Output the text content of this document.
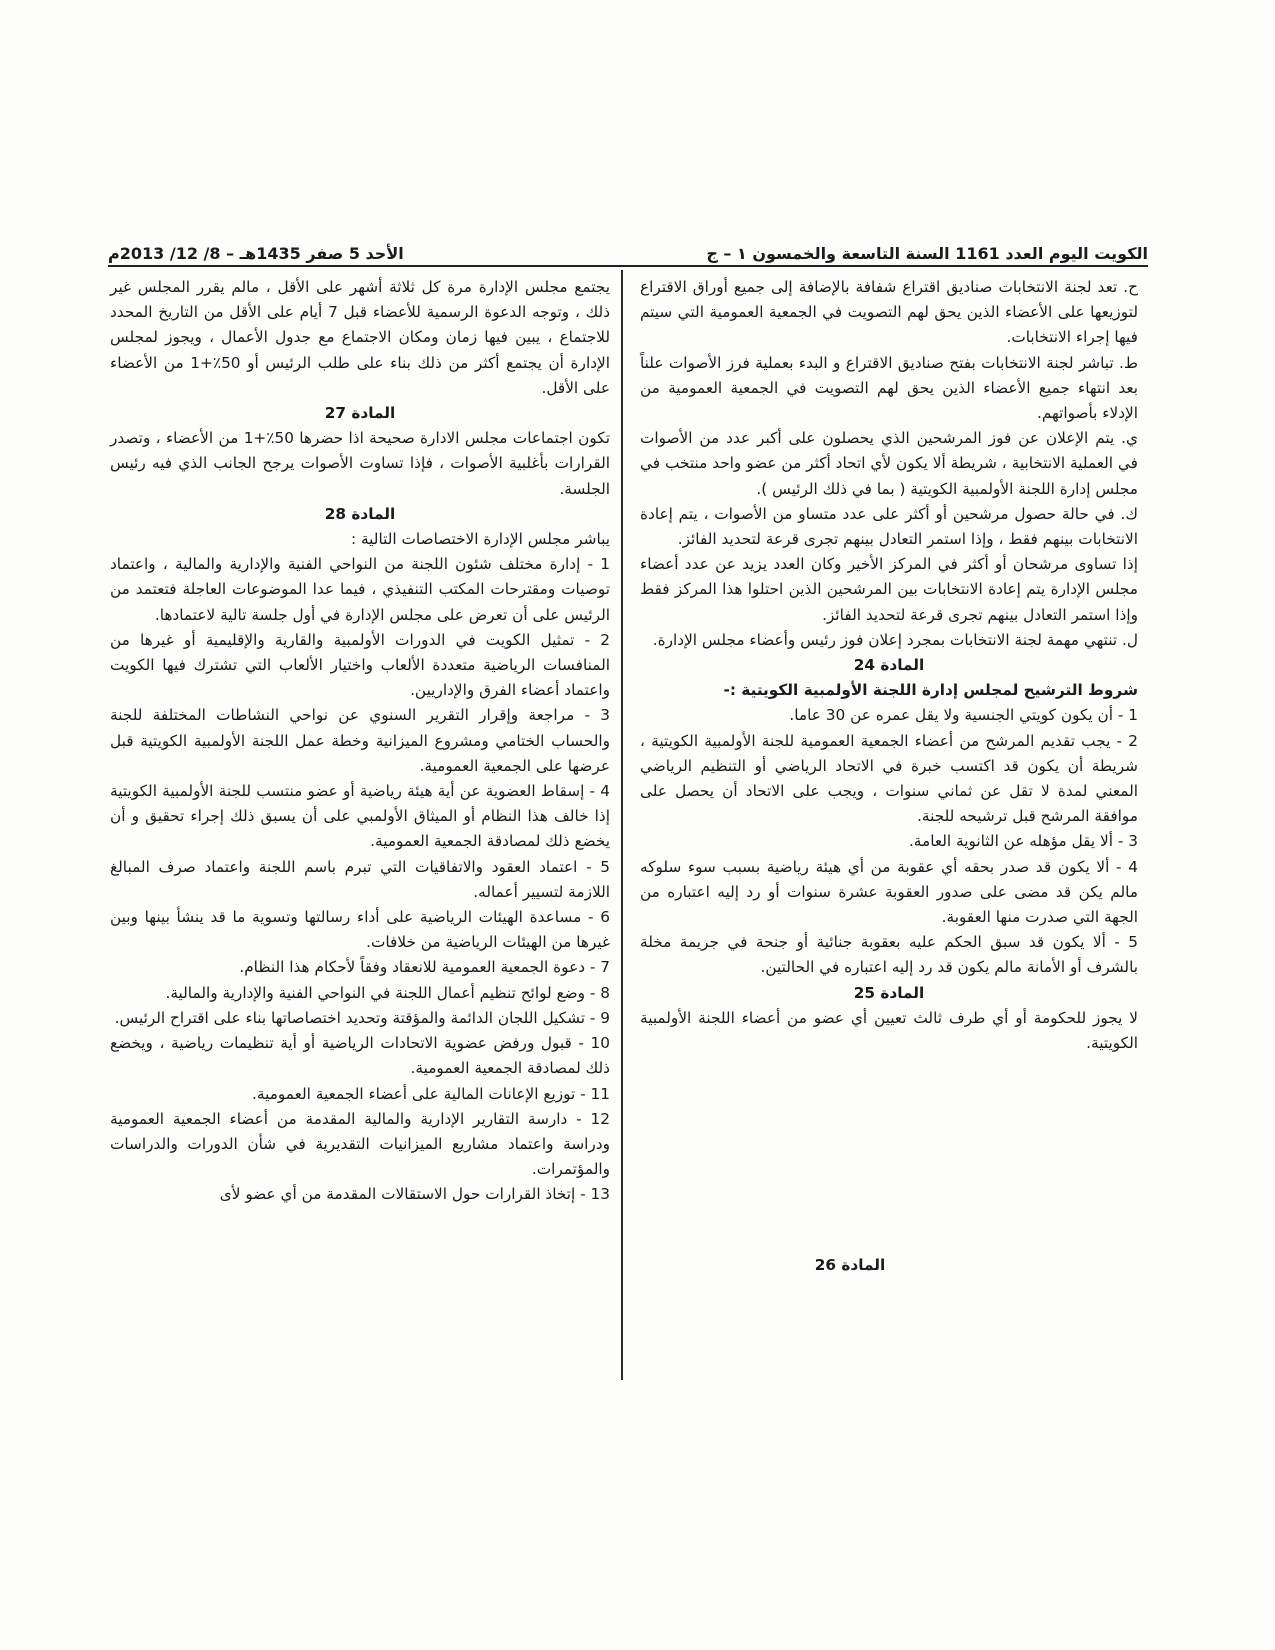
الكويت اليوم العدد 1161 السنة التاسعة والخمسون ١ – ج
الأحد 5 صفر 1435هـ – 8/ 12/ 2013م

ح. تعد لجنة الانتخابات صناديق اقتراع شفافة بالإضافة إلى جميع أوراق الاقتراع لتوزيعها على الأعضاء الذين يحق لهم التصويت في الجمعية العمومية التي سيتم فيها إجراء الانتخابات.

ط. تباشر لجنة الانتخابات بفتح صناديق الاقتراع و البدء بعملية فرز الأصوات علناً بعد انتهاء جميع الأعضاء الذين يحق لهم التصويت في الجمعية العمومية من الإدلاء بأصواتهم.

ي. يتم الإعلان عن فوز المرشحين الذي يحصلون على أكبر عدد من الأصوات في العملية الانتخابية ، شريطة ألا يكون لأي اتحاد أكثر من عضو واحد منتخب في مجلس إدارة اللجنة الأولمبية الكويتية ( بما في ذلك الرئيس ).

ك. في حالة حصول مرشحين أو أكثر على عدد متساو من الأصوات ، يتم إعادة الانتخابات بينهم فقط ، وإذا استمر التعادل بينهم تجرى قرعة لتحديد الفائز.

إذا تساوى مرشحان أو أكثر في المركز الأخير وكان العدد يزيد عن عدد أعضاء مجلس الإدارة يتم إعادة الانتخابات بين المرشحين الذين احتلوا هذا المركز فقط وإذا استمر التعادل بينهم تجرى قرعة لتحديد الفائز.

ل. تنتهي مهمة لجنة الانتخابات بمجرد إعلان فوز رئيس وأعضاء مجلس الإدارة.

المادة 24

شروط الترشيح لمجلس إدارة اللجنة الأولمبية الكويتية :-

1 - أن يكون كويتي الجنسية ولا يقل عمره عن 30 عاما.

2 - يجب تقديم المرشح من أعضاء الجمعية العمومية للجنة الأولمبية الكويتية ، شريطة أن يكون قد اكتسب خبرة في الاتحاد الرياضي أو التنظيم الرياضي المعني لمدة لا تقل عن ثماني سنوات ، ويجب على الاتحاد أن يحصل على موافقة المرشح قبل ترشيحه للجنة.

3 - ألا يقل مؤهله عن الثانوية العامة.

4 - ألا يكون قد صدر بحقه أي عقوبة من أي هيئة رياضية بسبب سوء سلوكه مالم يكن قد مضى على صدور العقوبة عشرة سنوات أو رد إليه اعتباره من الجهة التي صدرت منها العقوبة.

5 - ألا يكون قد سبق الحكم عليه بعقوبة جنائية أو جنحة في جريمة مخلة بالشرف أو الأمانة مالم يكون قد رد إليه اعتباره في الحالتين.

المادة 25

لا يجوز للحكومة أو أي طرف ثالث تعيين أي عضو من أعضاء اللجنة الأولمبية الكويتية.

المادة 26

يجتمع مجلس الإدارة مرة كل ثلاثة أشهر على الأقل ، مالم يقرر المجلس غير ذلك ، وتوجه الدعوة الرسمية للأعضاء قبل 7 أيام على الأقل من التاريخ المحدد للاجتماع ، يبين فيها زمان ومكان الاجتماع مع جدول الأعمال ، ويجوز لمجلس الإدارة أن يجتمع أكثر من ذلك بناء على طلب الرئيس أو 50٪+1 من الأعضاء على الأقل.

المادة 27

تكون اجتماعات مجلس الادارة صحيحة اذا حضرها 50٪+1 من الأعضاء ، وتصدر القرارات بأغلبية الأصوات ، فإذا تساوت الأصوات يرجح الجانب الذي فيه رئيس الجلسة.

المادة 28

يباشر مجلس الإدارة الاختصاصات التالية :

1 - إدارة مختلف شئون اللجنة من النواحي الفنية والإدارية والمالية ، واعتماد توصيات ومقترحات المكتب التنفيذي ، فيما عدا الموضوعات العاجلة فتعتمد من الرئيس على أن تعرض على مجلس الإدارة في أول جلسة تالية لاعتمادها.

2 - تمثيل الكويت في الدورات الأولمبية والقارية والإقليمية أو غيرها من المنافسات الرياضية متعددة الألعاب واختيار الألعاب التي تشترك فيها الكويت واعتماد أعضاء الفرق والإداريين.

3 - مراجعة وإقرار التقرير السنوي عن نواحي النشاطات المختلفة للجنة والحساب الختامي ومشروع الميزانية وخطة عمل اللجنة الأولمبية الكويتية قبل عرضها على الجمعية العمومية.

4 - إسقاط العضوية عن أية هيئة رياضية أو عضو منتسب للجنة الأولمبية الكويتية إذا خالف هذا النظام أو الميثاق الأولمبي على أن يسبق ذلك إجراء تحقيق و أن يخضع ذلك لمصادقة الجمعية العمومية.

5 - اعتماد العقود والاتفاقيات التي تبرم باسم اللجنة واعتماد صرف المبالغ اللازمة لتسيير أعماله.

6 - مساعدة الهيئات الرياضية على أداء رسالتها وتسوية ما قد ينشأ بينها وبين غيرها من الهيئات الرياضية من خلافات.

7 - دعوة الجمعية العمومية للانعقاد وفقاً لأحكام هذا النظام.

8 - وضع لوائح تنظيم أعمال اللجنة في النواحي الفنية والإدارية والمالية.

9 - تشكيل اللجان الدائمة والمؤقتة وتحديد اختصاصاتها بناء على اقتراح الرئيس.

10 - قبول ورفض عضوية الاتحادات الرياضية أو أية تنظيمات رياضية ، ويخضع ذلك لمصادقة الجمعية العمومية.

11 - توزيع الإعانات المالية على أعضاء الجمعية العمومية.

12 - دارسة التقارير الإدارية والمالية المقدمة من أعضاء الجمعية العمومية ودراسة واعتماد مشاريع الميزانيات التقديرية في شأن الدورات والدراسات والمؤتمرات.

13 - إتخاذ القرارات حول الاستقالات المقدمة من أي عضو لأى
